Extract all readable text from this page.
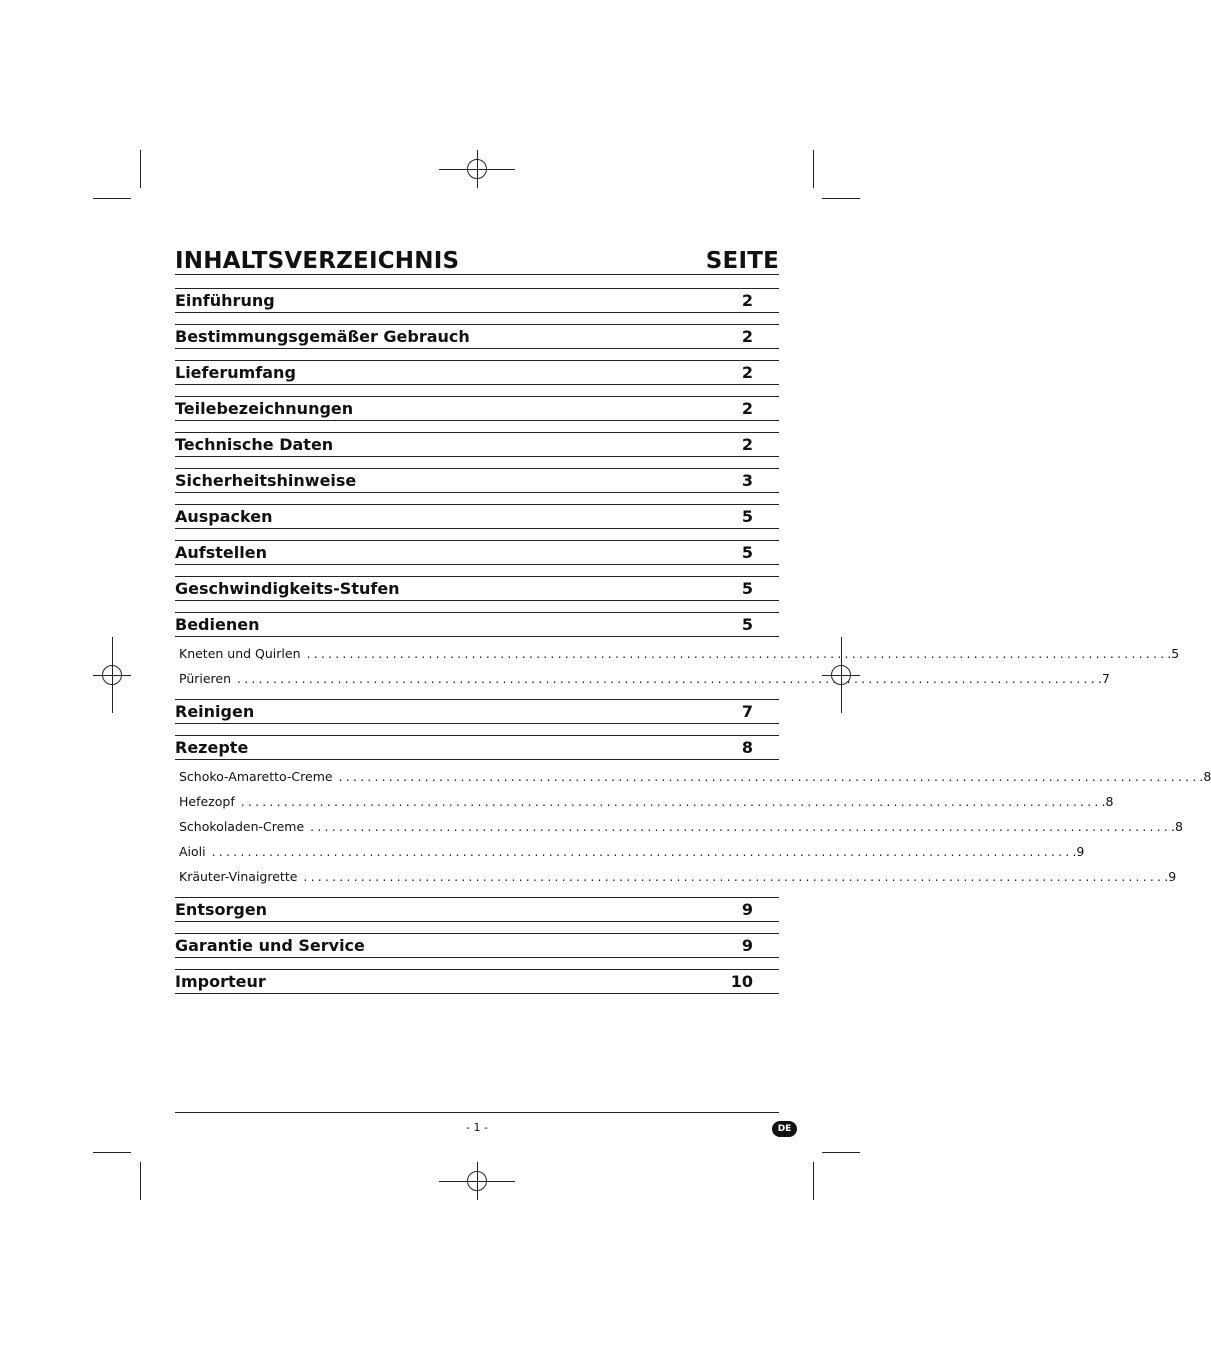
INHALTSVERZEICHNIS	SEITE
Einführung	2
Bestimmungsgemäßer Gebrauch	2
Lieferumfang	2
Teilebezeichnungen	2
Technische Daten	2
Sicherheitshinweise	3
Auspacken	5
Aufstellen	5
Geschwindigkeits-Stufen	5
Bedienen	5
Kneten und Quirlen ........................................................................................................................ .5
Pürieren ........................................................................................................................ .7
Reinigen	7
Rezepte	8
Schoko-Amaretto-Creme ........................................................................................................................ .8
Hefezopf ........................................................................................................................ .8
Schokoladen-Creme ........................................................................................................................ .8
Aioli ........................................................................................................................ .9
Kräuter-Vinaigrette ........................................................................................................................ .9
Entsorgen	9
Garantie und Service	9
Importeur	10
- 1 -	DE
